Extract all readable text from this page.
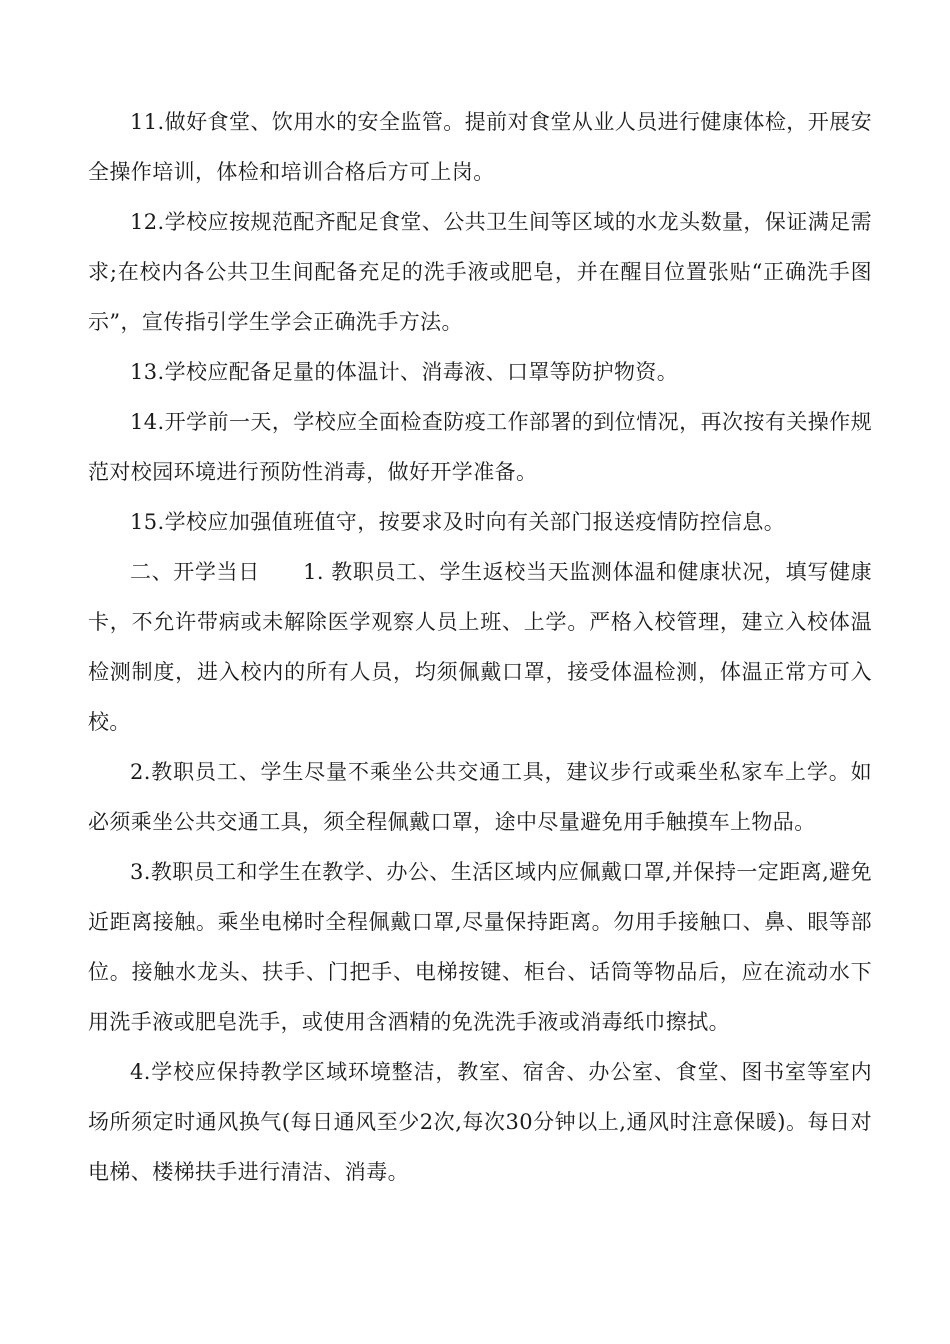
11.做好食堂、饮用水的安全监管。提前对食堂从业人员进行健康体检，开展安全操作培训，体检和培训合格后方可上岗。

12.学校应按规范配齐配足食堂、公共卫生间等区域的水龙头数量，保证满足需求;在校内各公共卫生间配备充足的洗手液或肥皂，并在醒目位置张贴“正确洗手图示”，宣传指引学生学会正确洗手方法。

13.学校应配备足量的体温计、消毒液、口罩等防护物资。

14.开学前一天，学校应全面检查防疫工作部署的到位情况，再次按有关操作规范对校园环境进行预防性消毒，做好开学准备。

15.学校应加强值班值守，按要求及时向有关部门报送疫情防控信息。

二、开学当日　　1. 教职员工、学生返校当天监测体温和健康状况，填写健康卡，不允许带病或未解除医学观察人员上班、上学。严格入校管理，建立入校体温检测制度，进入校内的所有人员，均须佩戴口罩，接受体温检测，体温正常方可入校。

2.教职员工、学生尽量不乘坐公共交通工具，建议步行或乘坐私家车上学。如必须乘坐公共交通工具，须全程佩戴口罩，途中尽量避免用手触摸车上物品。

3.教职员工和学生在教学、办公、生活区域内应佩戴口罩,并保持一定距离,避免近距离接触。乘坐电梯时全程佩戴口罩,尽量保持距离。勿用手接触口、鼻、眼等部位。接触水龙头、扶手、门把手、电梯按键、柜台、话筒等物品后，应在流动水下用洗手液或肥皂洗手，或使用含酒精的免洗洗手液或消毒纸巾擦拭。

4.学校应保持教学区域环境整洁，教室、宿舍、办公室、食堂、图书室等室内场所须定时通风换气(每日通风至少2次,每次30分钟以上,通风时注意保暖)。每日对电梯、楼梯扶手进行清洁、消毒。
